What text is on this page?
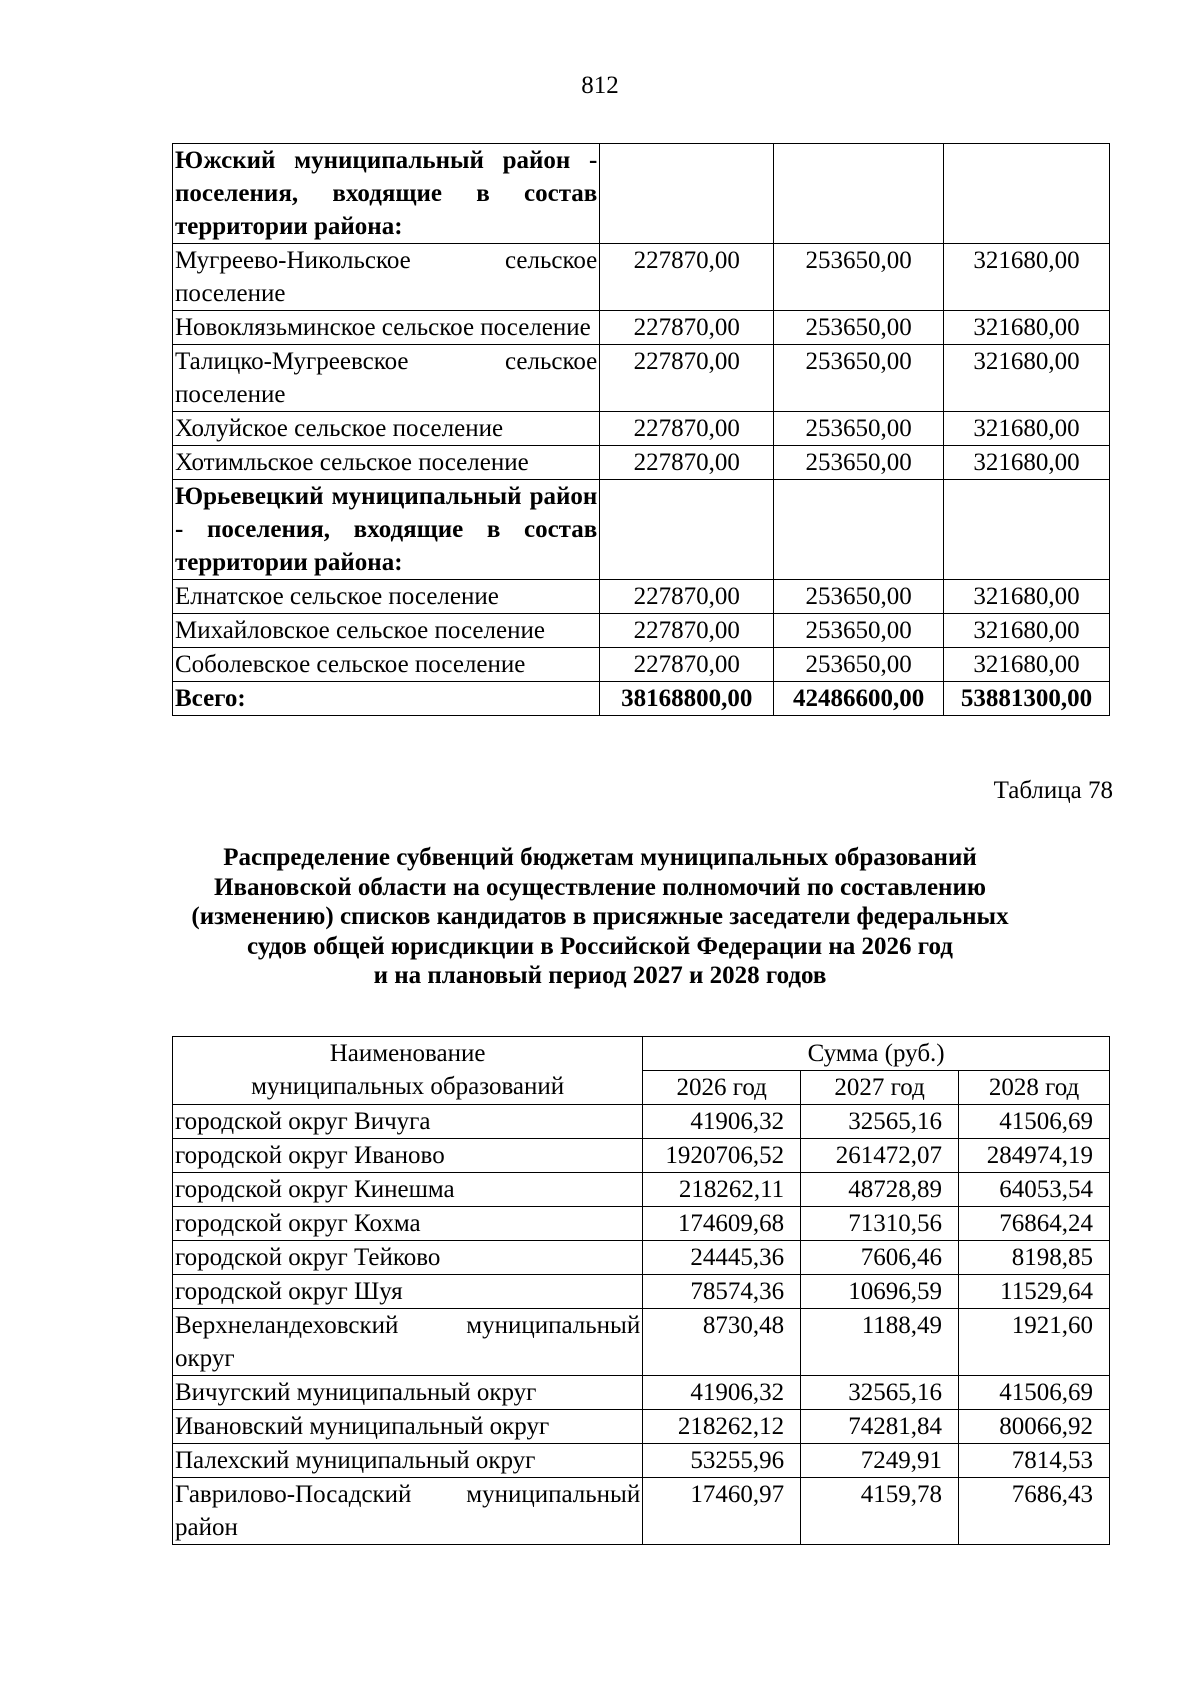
812
Южский муниципальный район - поселения, входящие в состав территории района:			
Мугреево-Никольское сельское поселение	227870,00	253650,00	321680,00
Новоклязьминское сельское поселение	227870,00	253650,00	321680,00
Талицко-Мугреевское сельское поселение	227870,00	253650,00	321680,00
Холуйское сельское поселение	227870,00	253650,00	321680,00
Хотимльское сельское поселение	227870,00	253650,00	321680,00
Юрьевецкий муниципальный район - поселения, входящие в состав территории района:			
Елнатское сельское поселение	227870,00	253650,00	321680,00
Михайловское сельское поселение	227870,00	253650,00	321680,00
Соболевское сельское поселение	227870,00	253650,00	321680,00
Всего:	38168800,00	42486600,00	53881300,00
Таблица 78
Распределение субвенций бюджетам муниципальных образований
Ивановской области на осуществление полномочий по составлению
(изменению) списков кандидатов в присяжные заседатели федеральных
судов общей юрисдикции в Российской Федерации на 2026 год
и на плановый период 2027 и 2028 годов
Наименование
муниципальных образований	Сумма (руб.)		
	2026 год	2027 год	2028 год
городской округ Вичуга	41906,32	32565,16	41506,69
городской округ Иваново	1920706,52	261472,07	284974,19
городской округ Кинешма	218262,11	48728,89	64053,54
городской округ Кохма	174609,68	71310,56	76864,24
городской округ Тейково	24445,36	7606,46	8198,85
городской округ Шуя	78574,36	10696,59	11529,64
Верхнеландеховский муниципальный округ	8730,48	1188,49	1921,60
Вичугский муниципальный округ	41906,32	32565,16	41506,69
Ивановский муниципальный округ	218262,12	74281,84	80066,92
Палехский муниципальный округ	53255,96	7249,91	7814,53
Гаврилово-Посадский муниципальный район	17460,97	4159,78	7686,43
